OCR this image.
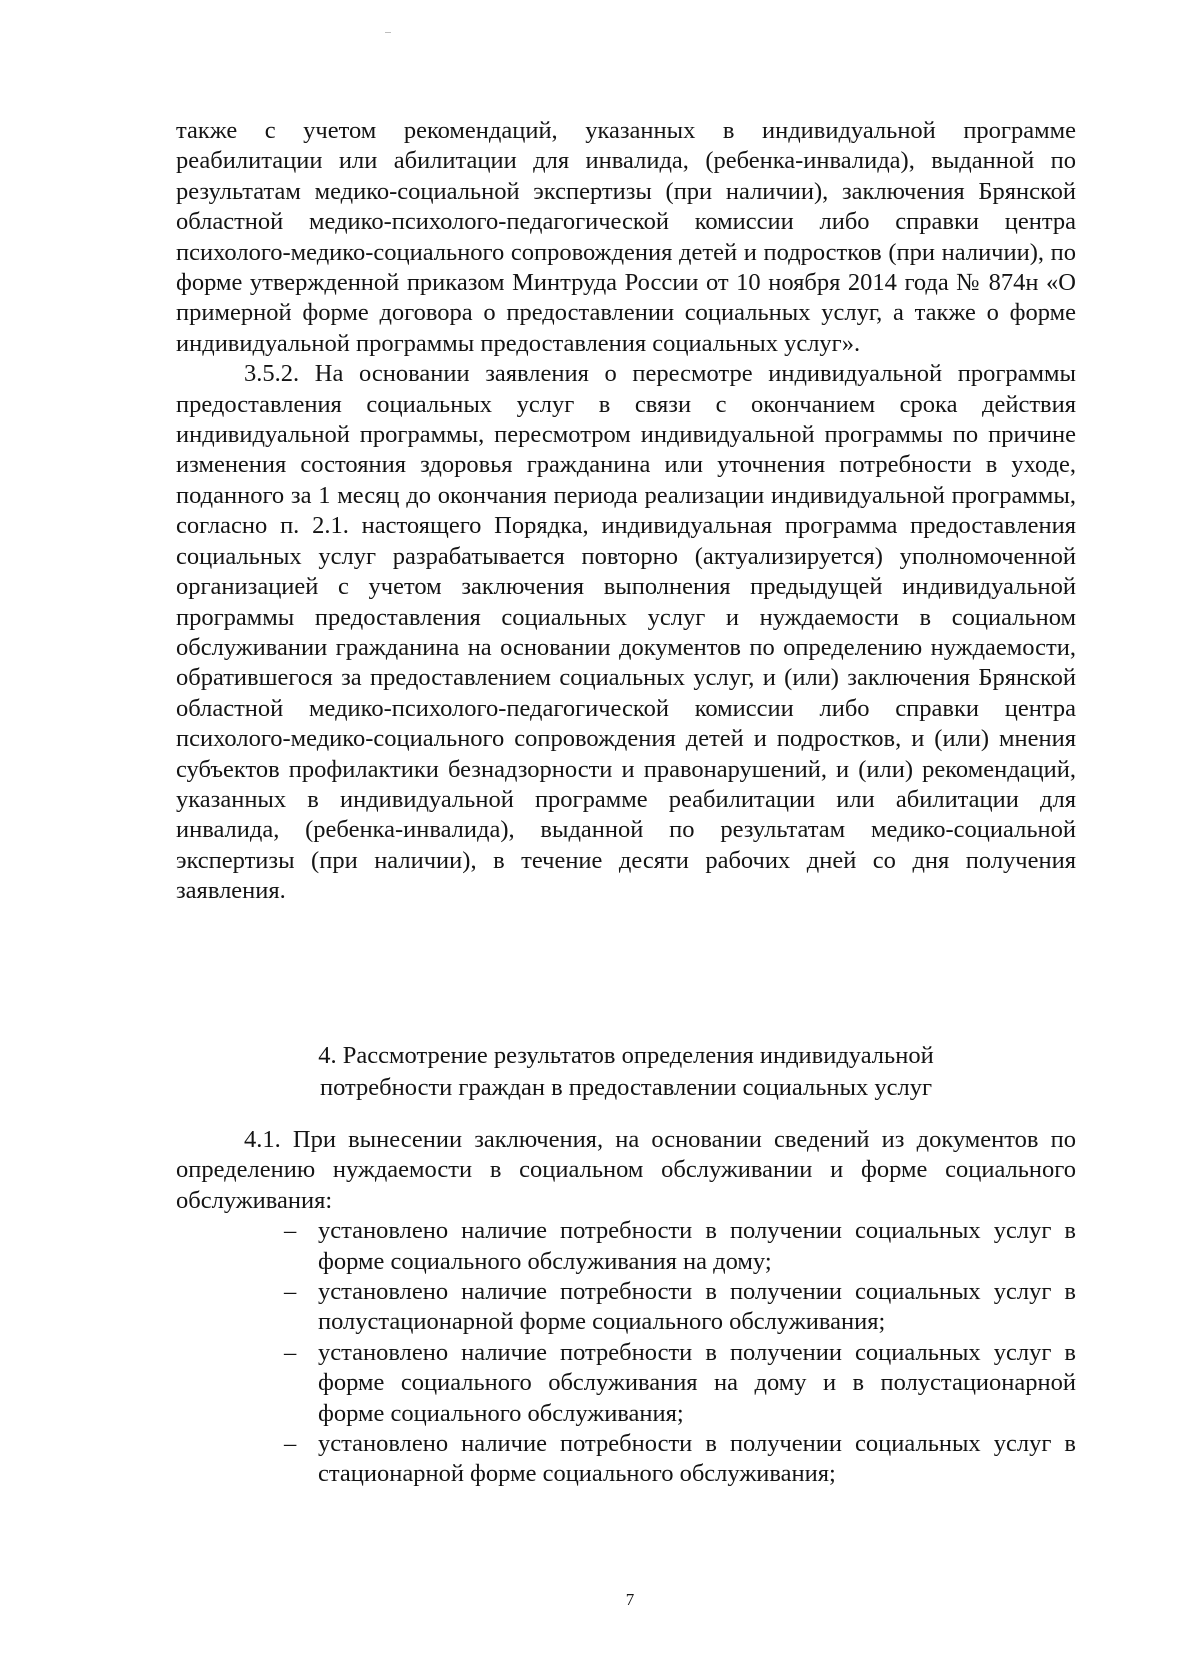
также с учетом рекомендаций, указанных в индивидуальной программе реабилитации или абилитации для инвалида, (ребенка-инвалида), выданной по результатам медико-социальной экспертизы (при наличии), заключения Брянской областной медико-психолого-педагогической комиссии либо справки центра психолого-медико-социального сопровождения детей и подростков (при наличии), по форме утвержденной приказом Минтруда России от 10 ноября 2014 года № 874н «О примерной форме договора о предоставлении социальных услуг, а также о форме индивидуальной программы предоставления социальных услуг».

3.5.2. На основании заявления о пересмотре индивидуальной программы предоставления социальных услуг в связи с окончанием срока действия индивидуальной программы, пересмотром индивидуальной программы по причине изменения состояния здоровья гражданина или уточнения потребности в уходе, поданного за 1 месяц до окончания периода реализации индивидуальной программы, согласно п. 2.1. настоящего Порядка, индивидуальная программа предоставления социальных услуг разрабатывается повторно (актуализируется) уполномоченной организацией с учетом заключения выполнения предыдущей индивидуальной программы предоставления социальных услуг и нуждаемости в социальном обслуживании гражданина на основании документов по определению нуждаемости, обратившегося за предоставлением социальных услуг, и (или) заключения Брянской областной медико-психолого-педагогической комиссии либо справки центра психолого-медико-социального сопровождения детей и подростков, и (или) мнения субъектов профилактики безнадзорности и правонарушений, и (или) рекомендаций, указанных в индивидуальной программе реабилитации или абилитации для инвалида, (ребенка-инвалида), выданной по результатам медико-социальной экспертизы (при наличии), в течение десяти рабочих дней со дня получения заявления.

4. Рассмотрение результатов определения индивидуальной
потребности граждан в предоставлении социальных услуг

4.1. При вынесении заключения, на основании сведений из документов по определению нуждаемости в социальном обслуживании и форме социального обслуживания:

– установлено наличие потребности в получении социальных услуг в форме социального обслуживания на дому;
– установлено наличие потребности в получении социальных услуг в полустационарной форме социального обслуживания;
– установлено наличие потребности в получении социальных услуг в форме социального обслуживания на дому и в полустационарной форме социального обслуживания;
– установлено наличие потребности в получении социальных услуг в стационарной форме социального обслуживания;
7
